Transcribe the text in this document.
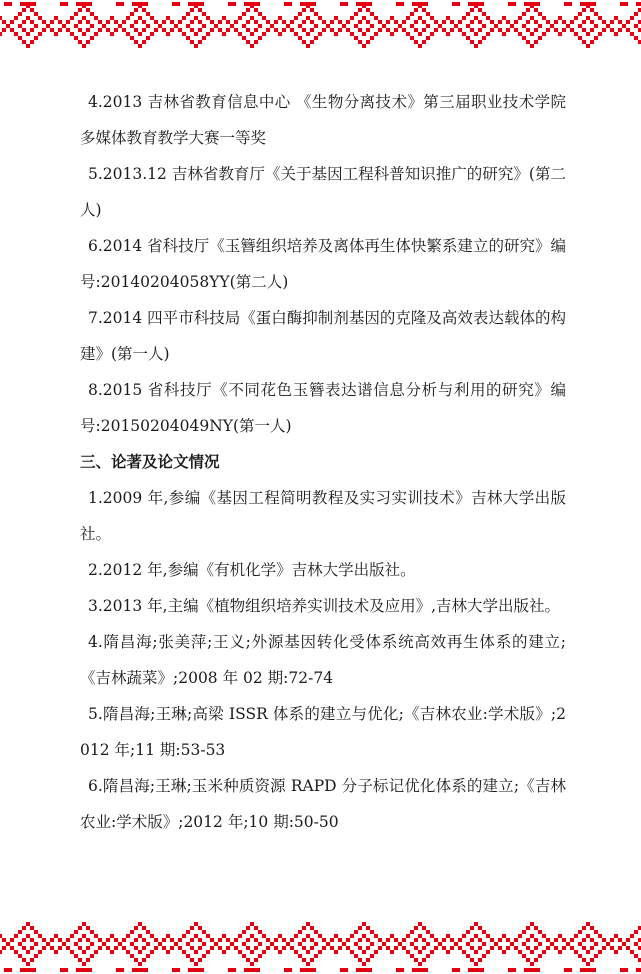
4.2013 吉林省教育信息中心 《生物分离技术》第三届职业技术学院多媒体教育教学大赛一等奖

5.2013.12 吉林省教育厅《关于基因工程科普知识推广的研究》(第二人)

6.2014 省科技厅《玉簪组织培养及离体再生体快繁系建立的研究》编号:20140204058YY(第二人)

7.2014 四平市科技局《蛋白酶抑制剂基因的克隆及高效表达载体的构建》(第一人)

8.2015 省科技厅《不同花色玉簪表达谱信息分析与利用的研究》编号:20150204049NY(第一人)

三、论著及论文情况

1.2009 年,参编《基因工程简明教程及实习实训技术》吉林大学出版社。

2.2012 年,参编《有机化学》吉林大学出版社。

3.2013 年,主编《植物组织培养实训技术及应用》,吉林大学出版社。

4.隋昌海;张美萍;王义;外源基因转化受体系统高效再生体系的建立;《吉林蔬菜》;2008 年 02 期:72-74

5.隋昌海;王琳;高梁 ISSR 体系的建立与优化;《吉林农业:学术版》;2012 年;11 期:53-53

6.隋昌海;王琳;玉米种质资源 RAPD 分子标记优化体系的建立;《吉林农业:学术版》;2012 年;10 期:50-50
